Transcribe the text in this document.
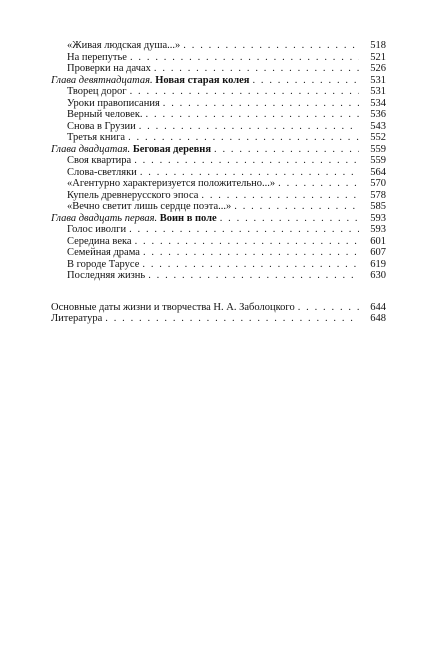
«Живая людская душа...» . . .	518
На перепутье . . .	521
Проверки на дачах . . .	526
Глава девятнадцатая. Новая старая колея . . .	531
Творец дорог . . .	531
Уроки правописания . . .	534
Верный человек. . . .	536
Снова в Грузии . . .	543
Третья книга . . .	552
Глава двадцатая. Беговая деревня . . .	559
Своя квартира . . .	559
Слова-светляки . . .	564
«Агентурно характеризуется положительно...» . . .	570
Купель древнерусского эпоса . . .	578
«Вечно светит лишь сердце поэта...» . . .	585
Глава двадцать первая. Воин в поле . . .	593
Голос иволги . . .	593
Середина века . . .	601
Семейная драма . . .	607
В городе Тарусе . . .	619
Последняя жизнь . . .	630
Основные даты жизни и творчества Н. А. Заболоцкого . . .	644
Литература . . .	648
